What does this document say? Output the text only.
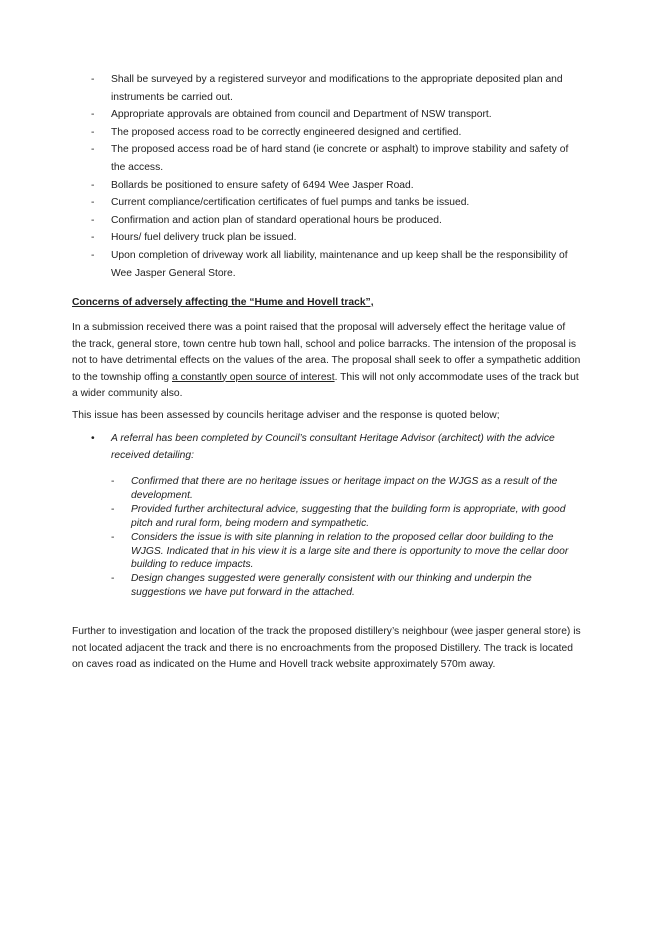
- Shall be surveyed by a registered surveyor and modifications to the appropriate deposited plan and instruments be carried out.
- Appropriate approvals are obtained from council and Department of NSW transport.
- The proposed access road to be correctly engineered designed and certified.
- The proposed access road be of hard stand (ie concrete or asphalt) to improve stability and safety of the access.
- Bollards be positioned to ensure safety of 6494 Wee Jasper Road.
- Current compliance/certification certificates of fuel pumps and tanks be issued.
- Confirmation and action plan of standard operational hours be produced.
- Hours/ fuel delivery truck plan be issued.
- Upon completion of driveway work all liability, maintenance and up keep shall be the responsibility of Wee Jasper General Store.
Concerns of adversely affecting the “Hume and Hovell track”,

In a submission received there was a point raised that the proposal will adversely effect the heritage value of the track, general store, town centre hub town hall, school and police barracks. The intension of the proposal is not to have detrimental effects on the values of the area. The proposal shall seek to offer a sympathetic addition to the township offing a constantly open source of interest. This will not only accommodate uses of the track but a wider community also.

This issue has been assessed by councils heritage adviser and the response is quoted below;

• A referral has been completed by Council’s consultant Heritage Advisor (architect) with the advice received detailing:
- Confirmed that there are no heritage issues or heritage impact on the WJGS as a result of the development.
- Provided further architectural advice, suggesting that the building form is appropriate, with good pitch and rural form, being modern and sympathetic.
- Considers the issue is with site planning in relation to the proposed cellar door building to the WJGS. Indicated that in his view it is a large site and there is opportunity to move the cellar door building to reduce impacts.
- Design changes suggested were generally consistent with our thinking and underpin the suggestions we have put forward in the attached.

Further to investigation and location of the track the proposed distillery’s neighbour (wee jasper general store) is not located adjacent the track and there is no encroachments from the proposed Distillery. The track is located on caves road as indicated on the Hume and Hovell track website approximately 570m away.
